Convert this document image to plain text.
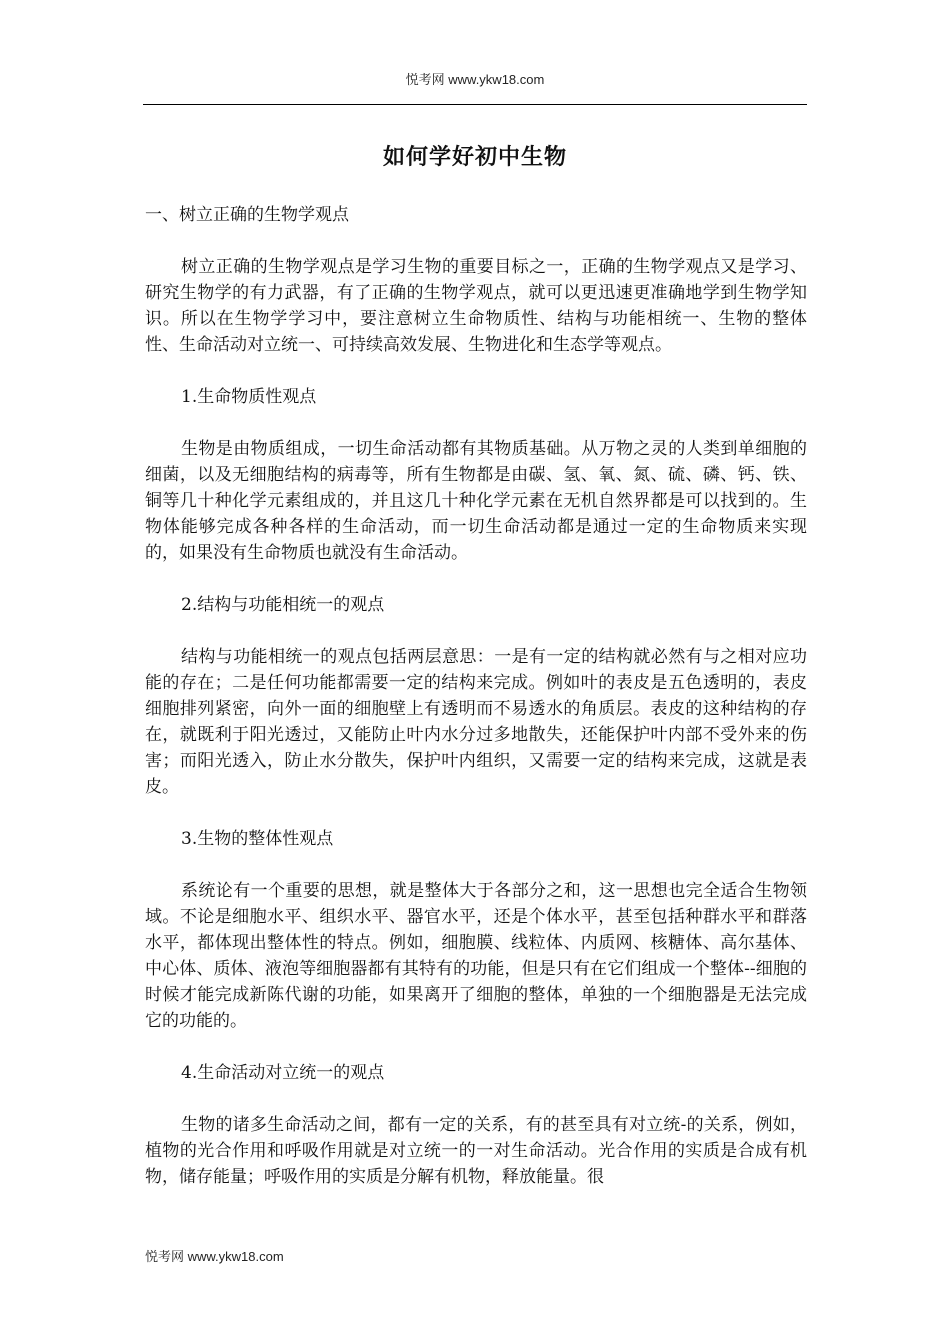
悦考网 www.ykw18.com
如何学好初中生物

一、树立正确的生物学观点

树立正确的生物学观点是学习生物的重要目标之一，正确的生物学观点又是学习、研究生物学的有力武器，有了正确的生物学观点，就可以更迅速更准确地学到生物学知识。所以在生物学学习中，要注意树立生命物质性、结构与功能相统一、生物的整体性、生命活动对立统一、可持续高效发展、生物进化和生态学等观点。

1.生命物质性观点

生物是由物质组成，一切生命活动都有其物质基础。从万物之灵的人类到单细胞的细菌，以及无细胞结构的病毒等，所有生物都是由碳、氢、氧、氮、硫、磷、钙、铁、铜等几十种化学元素组成的，并且这几十种化学元素在无机自然界都是可以找到的。生物体能够完成各种各样的生命活动，而一切生命活动都是通过一定的生命物质来实现的，如果没有生命物质也就没有生命活动。

2.结构与功能相统一的观点

结构与功能相统一的观点包括两层意思：一是有一定的结构就必然有与之相对应功能的存在；二是任何功能都需要一定的结构来完成。例如叶的表皮是五色透明的，表皮细胞排列紧密，向外一面的细胞壁上有透明而不易透水的角质层。表皮的这种结构的存在，就既利于阳光透过，又能防止叶内水分过多地散失，还能保护叶内部不受外来的伤害；而阳光透入，防止水分散失，保护叶内组织，又需要一定的结构来完成，这就是表皮。

3.生物的整体性观点

系统论有一个重要的思想，就是整体大于各部分之和，这一思想也完全适合生物领域。不论是细胞水平、组织水平、器官水平，还是个体水平，甚至包括种群水平和群落水平，都体现出整体性的特点。例如，细胞膜、线粒体、内质网、核糖体、高尔基体、中心体、质体、液泡等细胞器都有其特有的功能，但是只有在它们组成一个整体--细胞的时候才能完成新陈代谢的功能，如果离开了细胞的整体，单独的一个细胞器是无法完成它的功能的。

4.生命活动对立统一的观点

生物的诸多生命活动之间，都有一定的关系，有的甚至具有对立统-的关系，例如，植物的光合作用和呼吸作用就是对立统一的一对生命活动。光合作用的实质是合成有机物，储存能量；呼吸作用的实质是分解有机物，释放能量。很

悦考网 www.ykw18.com
